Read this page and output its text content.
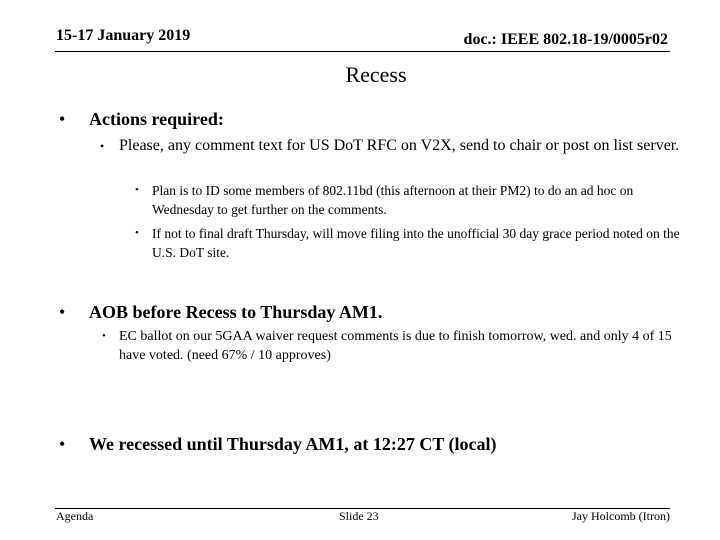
15-17 January 2019	doc.: IEEE 802.18-19/0005r02
Recess
• Actions required:
• Please, any comment text for US DoT RFC on V2X, send to chair or post on list server.
• Plan is to ID some members of 802.11bd (this afternoon at their PM2) to do an ad hoc on Wednesday to get further on the comments.
• If not to final draft Thursday, will move filing into the unofficial 30 day grace period noted on the U.S. DoT site.
• AOB before Recess to Thursday AM1.
• EC ballot on our 5GAA waiver request comments is due to finish tomorrow, wed. and only 4 of 15 have voted. (need 67% / 10 approves)
• We recessed until Thursday AM1, at 12:27 CT (local)
Agenda	Slide 23	Jay Holcomb (Itron)
